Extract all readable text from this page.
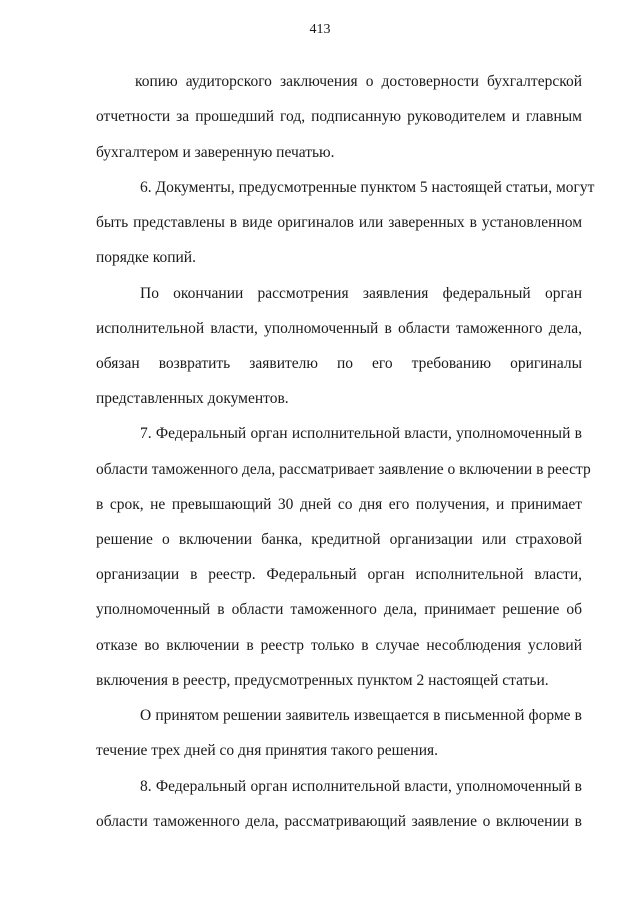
413
копию аудиторского заключения о достоверности бухгалтерской
отчетности за прошедший год, подписанную руководителем и главным
бухгалтером и заверенную печатью.
6. Документы, предусмотренные пунктом 5 настоящей статьи, могут
быть представлены в виде оригиналов или заверенных в установленном
порядке копий.
По окончании рассмотрения заявления федеральный орган
исполнительной власти, уполномоченный в области таможенного дела,
обязан возвратить заявителю по его требованию оригиналы
представленных документов.
7. Федеральный орган исполнительной власти, уполномоченный в
области таможенного дела, рассматривает заявление о включении в реестр
в срок, не превышающий 30 дней со дня его получения, и принимает
решение о включении банка, кредитной организации или страховой
организации в реестр. Федеральный орган исполнительной власти,
уполномоченный в области таможенного дела, принимает решение об
отказе во включении в реестр только в случае несоблюдения условий
включения в реестр, предусмотренных пунктом 2 настоящей статьи.
О принятом решении заявитель извещается в письменной форме в
течение трех дней со дня принятия такого решения.
8. Федеральный орган исполнительной власти, уполномоченный в
области таможенного дела, рассматривающий заявление о включении в
